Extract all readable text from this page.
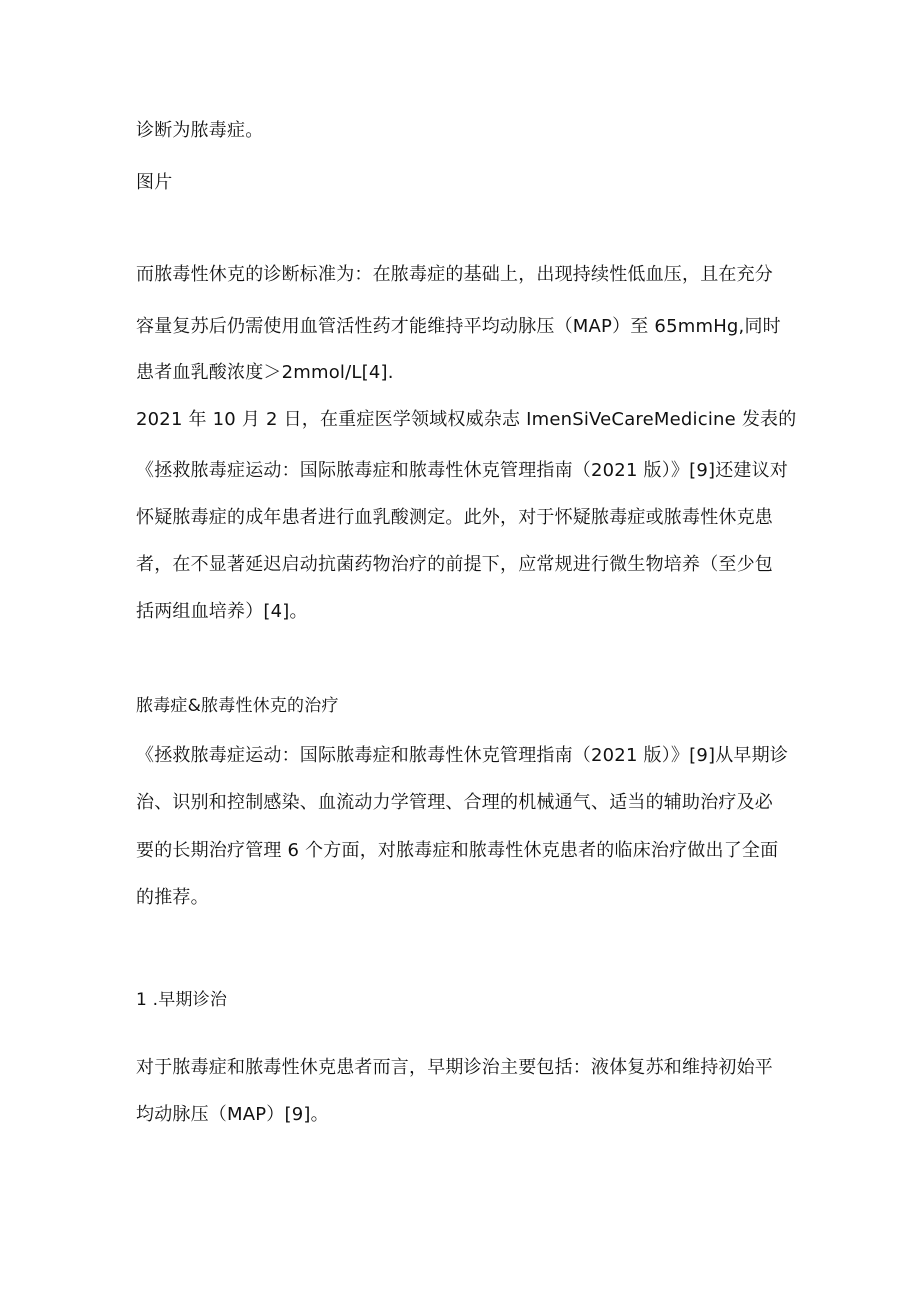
诊断为脓毒症。
图片
而脓毒性休克的诊断标准为：在脓毒症的基础上，出现持续性低血压，且在充分
容量复苏后仍需使用血管活性药才能维持平均动脉压（MAP）至 65mmHg,同时
患者血乳酸浓度＞2mmol/L[4].
2021 年 10 月 2 日，在重症医学领域权威杂志 ImenSiVeCareMedicine 发表的
《拯救脓毒症运动：国际脓毒症和脓毒性休克管理指南（2021 版）》[9]还建议对
怀疑脓毒症的成年患者进行血乳酸测定。此外，对于怀疑脓毒症或脓毒性休克患
者，在不显著延迟启动抗菌药物治疗的前提下，应常规进行微生物培养（至少包
括两组血培养）[4]。
脓毒症&脓毒性休克的治疗
《拯救脓毒症运动：国际脓毒症和脓毒性休克管理指南（2021 版）》[9]从早期诊
治、识别和控制感染、血流动力学管理、合理的机械通气、适当的辅助治疗及必
要的长期治疗管理 6 个方面，对脓毒症和脓毒性休克患者的临床治疗做出了全面
的推荐。
1 .早期诊治
对于脓毒症和脓毒性休克患者而言，早期诊治主要包括：液体复苏和维持初始平
均动脉压（MAP）[9]。
